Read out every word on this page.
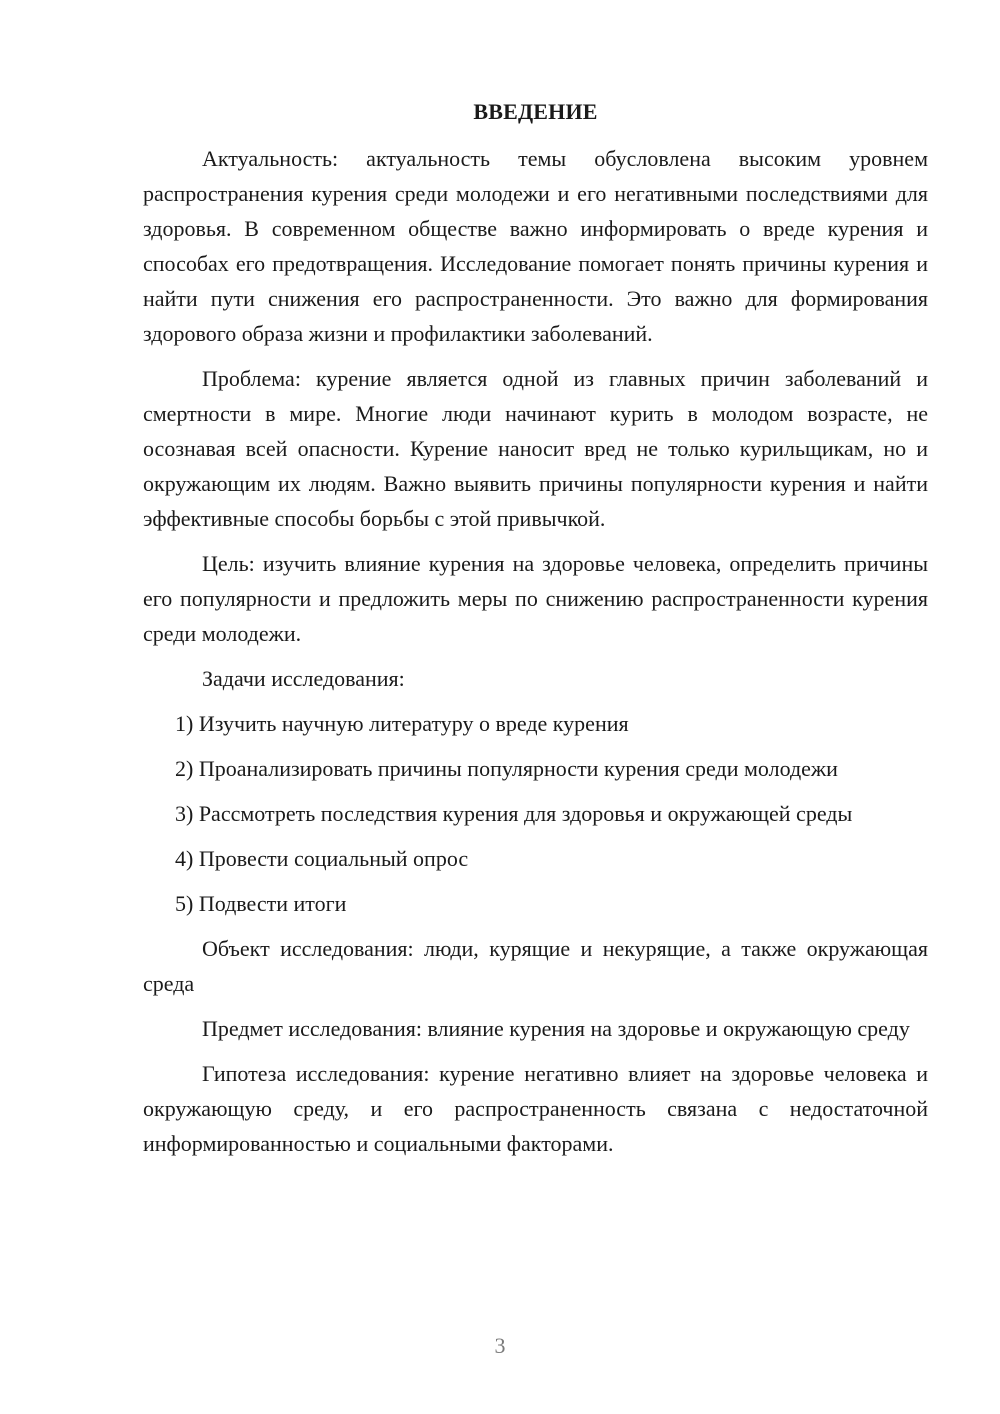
ВВЕДЕНИЕ

Актуальность: актуальность темы обусловлена высоким уровнем распространения курения среди молодежи и его негативными последствиями для здоровья. В современном обществе важно информировать о вреде курения и способах его предотвращения. Исследование помогает понять причины курения и найти пути снижения его распространенности. Это важно для формирования здорового образа жизни и профилактики заболеваний.

Проблема: курение является одной из главных причин заболеваний и смертности в мире. Многие люди начинают курить в молодом возрасте, не осознавая всей опасности. Курение наносит вред не только курильщикам, но и окружающим их людям. Важно выявить причины популярности курения и найти эффективные способы борьбы с этой привычкой.

Цель: изучить влияние курения на здоровье человека, определить причины его популярности и предложить меры по снижению распространенности курения среди молодежи.

Задачи исследования:

1) Изучить научную литературу о вреде курения

2) Проанализировать причины популярности курения среди молодежи

3) Рассмотреть последствия курения для здоровья и окружающей среды

4) Провести социальный опрос

5) Подвести итоги

Объект исследования: люди, курящие и некурящие, а также окружающая среда

Предмет исследования: влияние курения на здоровье и окружающую среду

Гипотеза исследования: курение негативно влияет на здоровье человека и окружающую среду, и его распространенность связана с недостаточной информированностью и социальными факторами.

3
